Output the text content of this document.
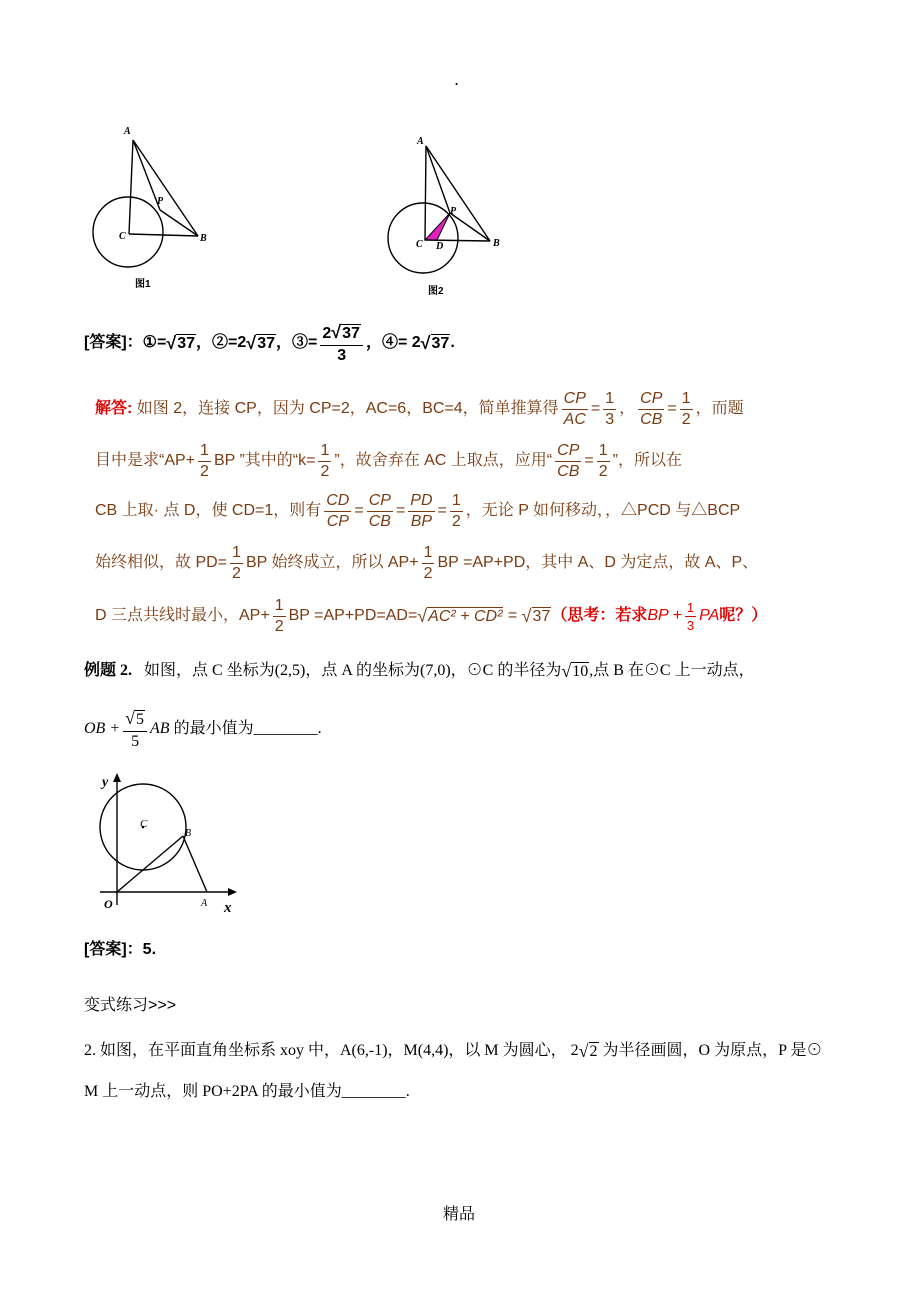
.
A
P
C	B
图1
A
P
C D	B
图2
[答案]： ①= √ 37 ，②=2 √ 37 ，③= $\frac{2√37}{3}$ ，④= 2 √ 37 .
解答:
如图 2，连接 CP，因为 CP=2，AC=6，BC=4，简单推算得 $\frac{CP}{AC} = \frac{1}{3}$ ， $\frac{CP}{CB} = \frac{1}{2}$ ，而题
目中是求“$AP+ \frac{1}{2}$ BP ”其中的“$k= \frac{1}{2}$ ”，故舍弃在 AC 上取点，应用“ $\frac{CP}{CB} = \frac{1}{2}$ ”，所以在
CB 上取· 点 D，使 CD=1，则有 $\frac{CD}{CP} = \frac{CP}{CB} = \frac{PD}{BP} = \frac{1}{2}$ ，无论 P 如何移动，，△PCD 与△BCP
始终相似，故 $PD= \frac{1}{2}$ BP 始终成立，所以 $AP+ \frac{1}{2}$ BP =AP+PD，其中 A、D 为定点，故 A、P、
D 三点共线时最小，$AP+ \frac{1}{2}$ BP =AP+PD=AD= √ AC² + CD²
=
√ 37 （思考：若求 BP + $\frac{1}{3}$ PA 呢？）
例题 2.
如图，点 C 坐标为(2,5)，点 A 的坐标为(7,0)，⊙C 的半径为 √ 10 ,点 B 在⊙C 上一动点，
OB + $\frac{√5}{5}$ AB
的最小值为________.
y
C
B
O	A x
[答案]：5.
变式练习>>>
2. 如图，在平面直角坐标系 xoy 中，A(6,-1)，M(4,4)，以 M 为圆心，
2 √ 2
为半径画圆，O 为原点，P 是⊙
M 上一动点，则 PO+2PA 的最小值为________.
精品
